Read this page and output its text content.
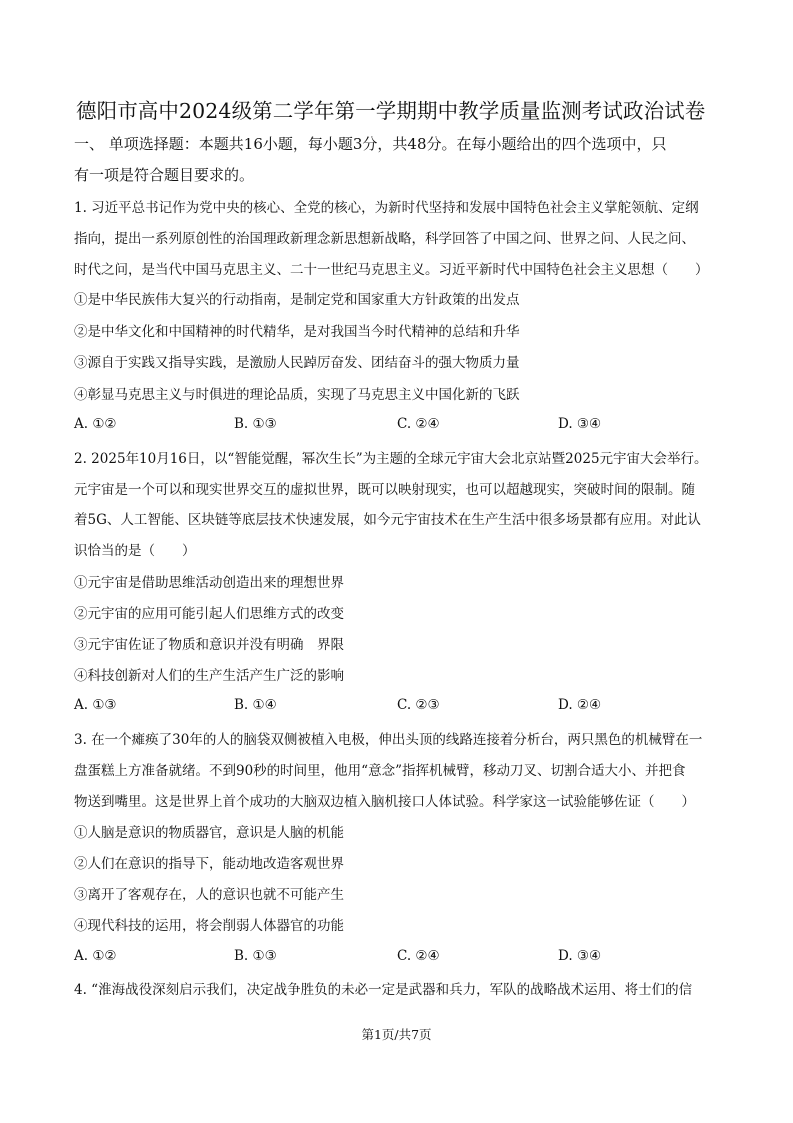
德阳市高中2024级第二学年第一学期期中教学质量监测考试政治试卷
一、 单项选择题：本题共16小题，每小题3分，共48分。在每小题给出的四个选项中，只
有一项是符合题目要求的。
1. 习近平总书记作为党中央的核心、全党的核心，为新时代坚持和发展中国特色社会主义掌舵领航、定纲
指向，提出一系列原创性的治国理政新理念新思想新战略，科学回答了中国之问、世界之问、人民之问、
时代之问，是当代中国马克思主义、二十一世纪马克思主义。习近平新时代中国特色社会主义思想（　　）
①是中华民族伟大复兴的行动指南，是制定党和国家重大方针政策的出发点
②是中华文化和中国精神的时代精华，是对我国当今时代精神的总结和升华
③源自于实践又指导实践，是激励人民踔厉奋发、团结奋斗的强大物质力量
④彰显马克思主义与时俱进的理论品质，实现了马克思主义中国化新的飞跃
A. ①②	B. ①③	C. ②④	D. ③④
2. 2025年10月16日，以“智能觉醒，幂次生长”为主题的全球元宇宙大会北京站暨2025元宇宙大会举行。
元宇宙是一个可以和现实世界交互的虚拟世界，既可以映射现实，也可以超越现实，突破时间的限制。随
着5G、人工智能、区块链等底层技术快速发展，如今元宇宙技术在生产生活中很多场景都有应用。对此认
识恰当的是（　　）
①元宇宙是借助思维活动创造出来的理想世界
②元宇宙的应用可能引起人们思维方式的改变
③元宇宙佐证了物质和意识并没有明确　界限
④科技创新对人们的生产生活产生广泛的影响
A. ①③	B. ①④	C. ②③	D. ②④
3. 在一个瘫痪了30年的人的脑袋双侧被植入电极，伸出头顶的线路连接着分析台，两只黑色的机械臂在一
盘蛋糕上方准备就绪。不到90秒的时间里，他用“意念”指挥机械臂，移动刀叉、切割合适大小、并把食
物送到嘴里。这是世界上首个成功的大脑双边植入脑机接口人体试验。科学家这一试验能够佐证（　　）
①人脑是意识的物质器官，意识是人脑的机能
②人们在意识的指导下，能动地改造客观世界
③离开了客观存在，人的意识也就不可能产生
④现代科技的运用，将会削弱人体器官的功能
A. ①②	B. ①③	C. ②④	D. ③④
4. “淮海战役深刻启示我们，决定战争胜负的未必一定是武器和兵力，军队的战略战术运用、将士们的信
第1页/共7页
